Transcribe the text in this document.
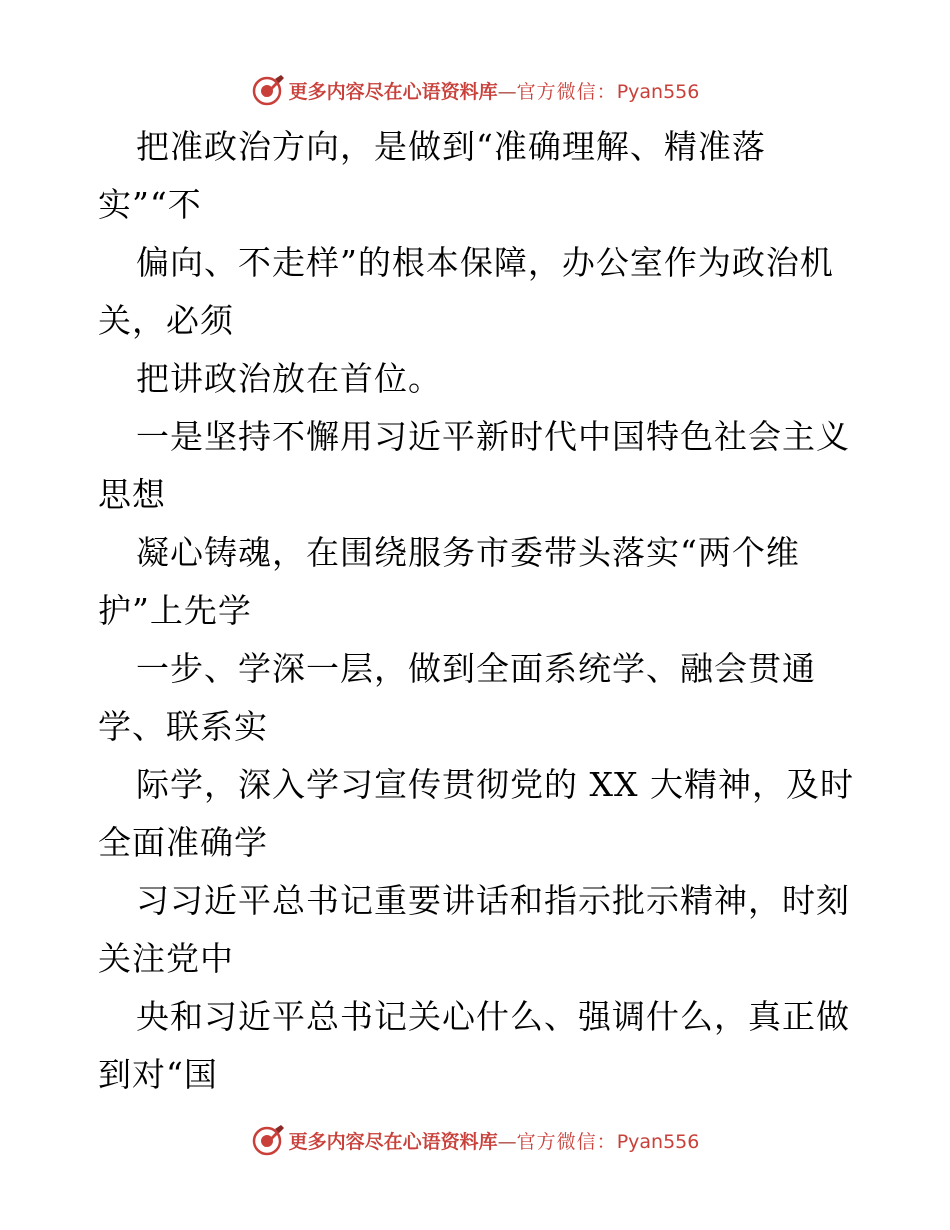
更多内容尽在心语资料库—官方微信：Pyan556
把准政治方向，是做到“准确理解、精准落
实”“不
偏向、不走样”的根本保障，办公室作为政治机
关，必须
把讲政治放在首位。
一是坚持不懈用习近平新时代中国特色社会主义
思想
凝心铸魂，在围绕服务市委带头落实“两个维
护”上先学
一步、学深一层，做到全面系统学、融会贯通
学、联系实
际学，深入学习宣传贯彻党的 XX 大精神，及时
全面准确学
习习近平总书记重要讲话和指示批示精神，时刻
关注党中
央和习近平总书记关心什么、强调什么，真正做
到对“国
更多内容尽在心语资料库—官方微信：Pyan556
